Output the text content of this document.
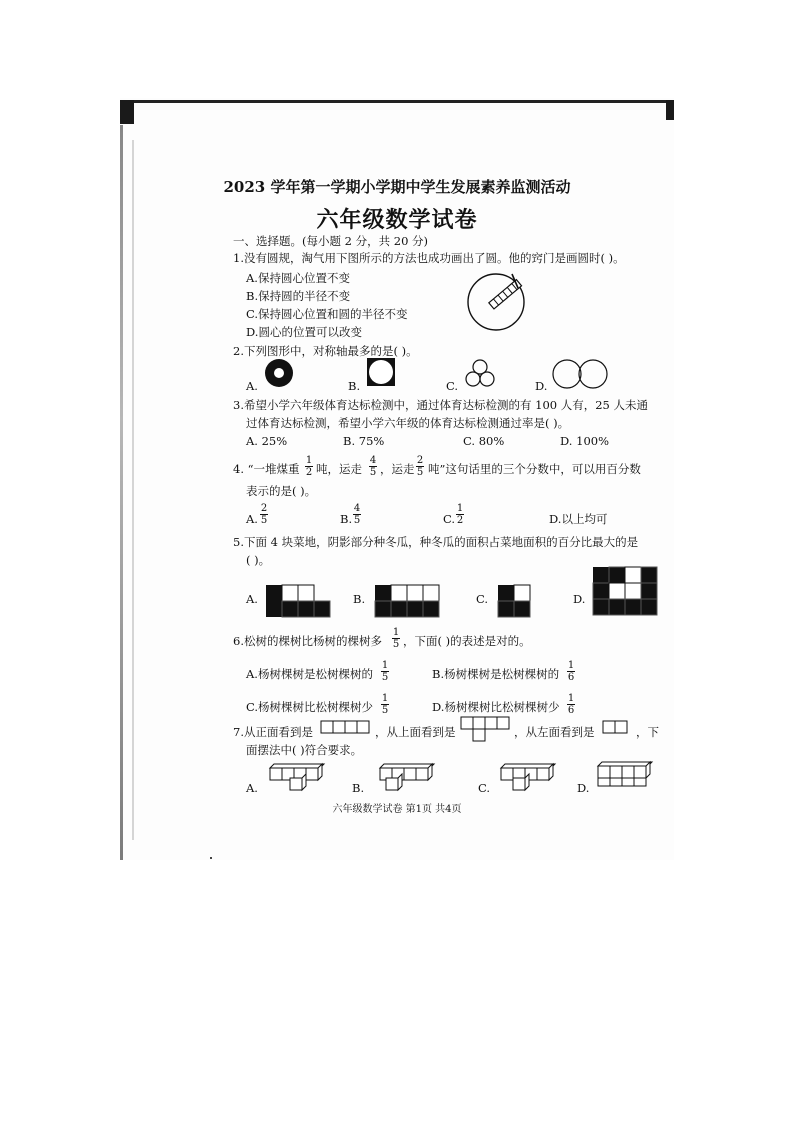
2023 学年第一学期小学期中学生发展素养监测活动
六年级数学试卷
一、选择题。(每小题 2 分，共 20 分)
1.没有圆规，淘气用下图所示的方法也成功画出了圆。他的窍门是画圆时( )。
A.保持圆心位置不变
B.保持圆的半径不变
C.保持圆心位置和圆的半径不变
D.圆心的位置可以改变
2.下列图形中，对称轴最多的是( )。
A.	B.	C.	D.
3.希望小学六年级体育达标检测中，通过体育达标检测的有 100 人有，25 人未通
过体育达标检测，希望小学六年级的体育达标检测通过率是( )。
A. 25%	B. 75%	C. 80%	D. 100%
4. “一堆煤重
1
2 吨，运走
4
5 ，运走
2
5 吨”这句话里的三个分数中，可以用百分数
表示的是( )。
A.
2
5	B.
4
5	C.
1
2	D.以上均可
5.下面 4 块菜地，阴影部分种冬瓜，种冬瓜的面积占菜地面积的百分比最大的是
( )。
A.	B.	C.	D.
6.松树的棵树比杨树的棵树多
1
5 ，下面( )的表述是对的。
A.杨树棵树是松树棵树的
1
5	B.杨树棵树是松树棵树的
1
6
C.杨树棵树比松树棵树少
1
5	D.杨树棵树比松树棵树少
1
6
7.从正面看到是	，从上面看到是	，从左面看到是	，下
面摆法中( )符合要求。
A.	B.	C.	D.
六年级数学试卷 第1页 共4页
